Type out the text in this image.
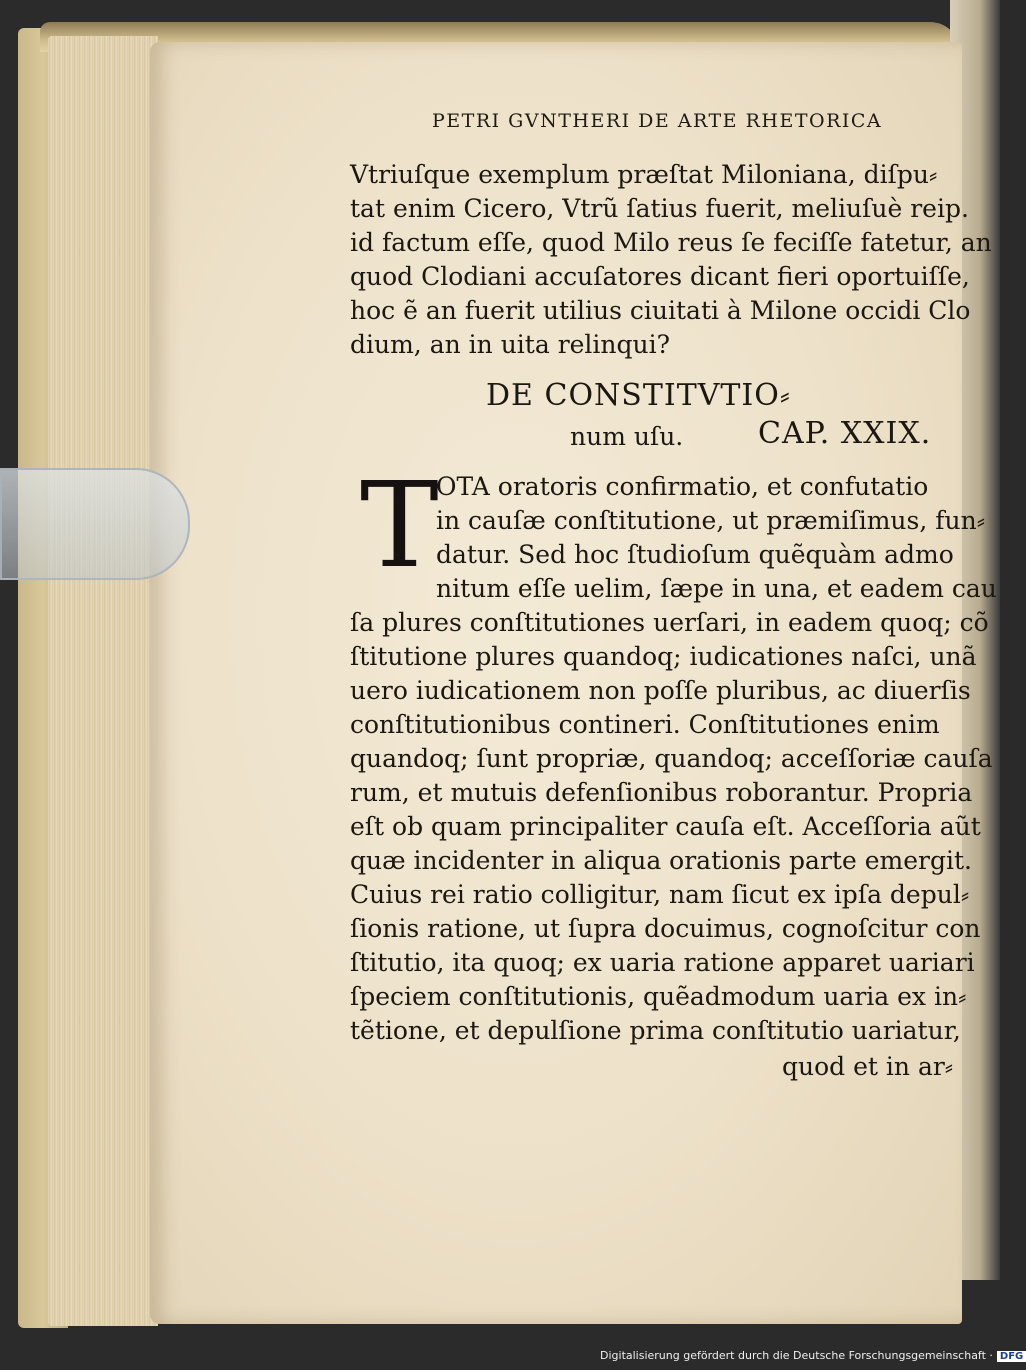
PETRI GVNTHERI DE ARTE RHETORICA
Vtriuſque exemplum præſtat Miloniana, diſpu⸗
tat enim Cicero, Vtrũ ſatius fuerit, meliuſuè reip.
id factum eſſe, quod Milo reus ſe feciſſe fatetur, an
quod Clodiani accuſatores dicant fieri oportuiſſe,
hoc ẽ an fuerit utilius ciuitati à Milone occidi Clo
dium, an in uita relinqui?
DE CONSTITVTIO⸗
num uſu. CAP. XXIX.
T
OTA oratoris confirmatio, et confutatio
in cauſæ conſtitutione, ut præmiſimus, fun⸗
datur. Sed hoc ſtudioſum quẽquàm admo
nitum eſſe uelim, ſæpe in una, et eadem cau
ſa plures conſtitutiones uerſari, in eadem quoq; cõ
ſtitutione plures quandoq; iudicationes naſci, unã
uero iudicationem non poſſe pluribus, ac diuerſis
conſtitutionibus contineri. Conſtitutiones enim
quandoq; ſunt propriæ, quandoq; acceſſoriæ cauſa
rum, et mutuis defenſionibus roborantur. Propria
eſt ob quam principaliter cauſa eſt. Acceſſoria aũt
quæ incidenter in aliqua orationis parte emergit.
Cuius rei ratio colligitur, nam ſicut ex ipſa depul⸗
ſionis ratione, ut ſupra docuimus, cognoſcitur con
ſtitutio, ita quoq; ex uaria ratione apparet uariari
ſpeciem conſtitutionis, quẽadmodum uaria ex in⸗
tẽtione, et depulſione prima conſtitutio uariatur,
quod et in ar⸗
Digitalisierung gefördert durch die Deutsche Forschungsgemeinschaft · DFG
